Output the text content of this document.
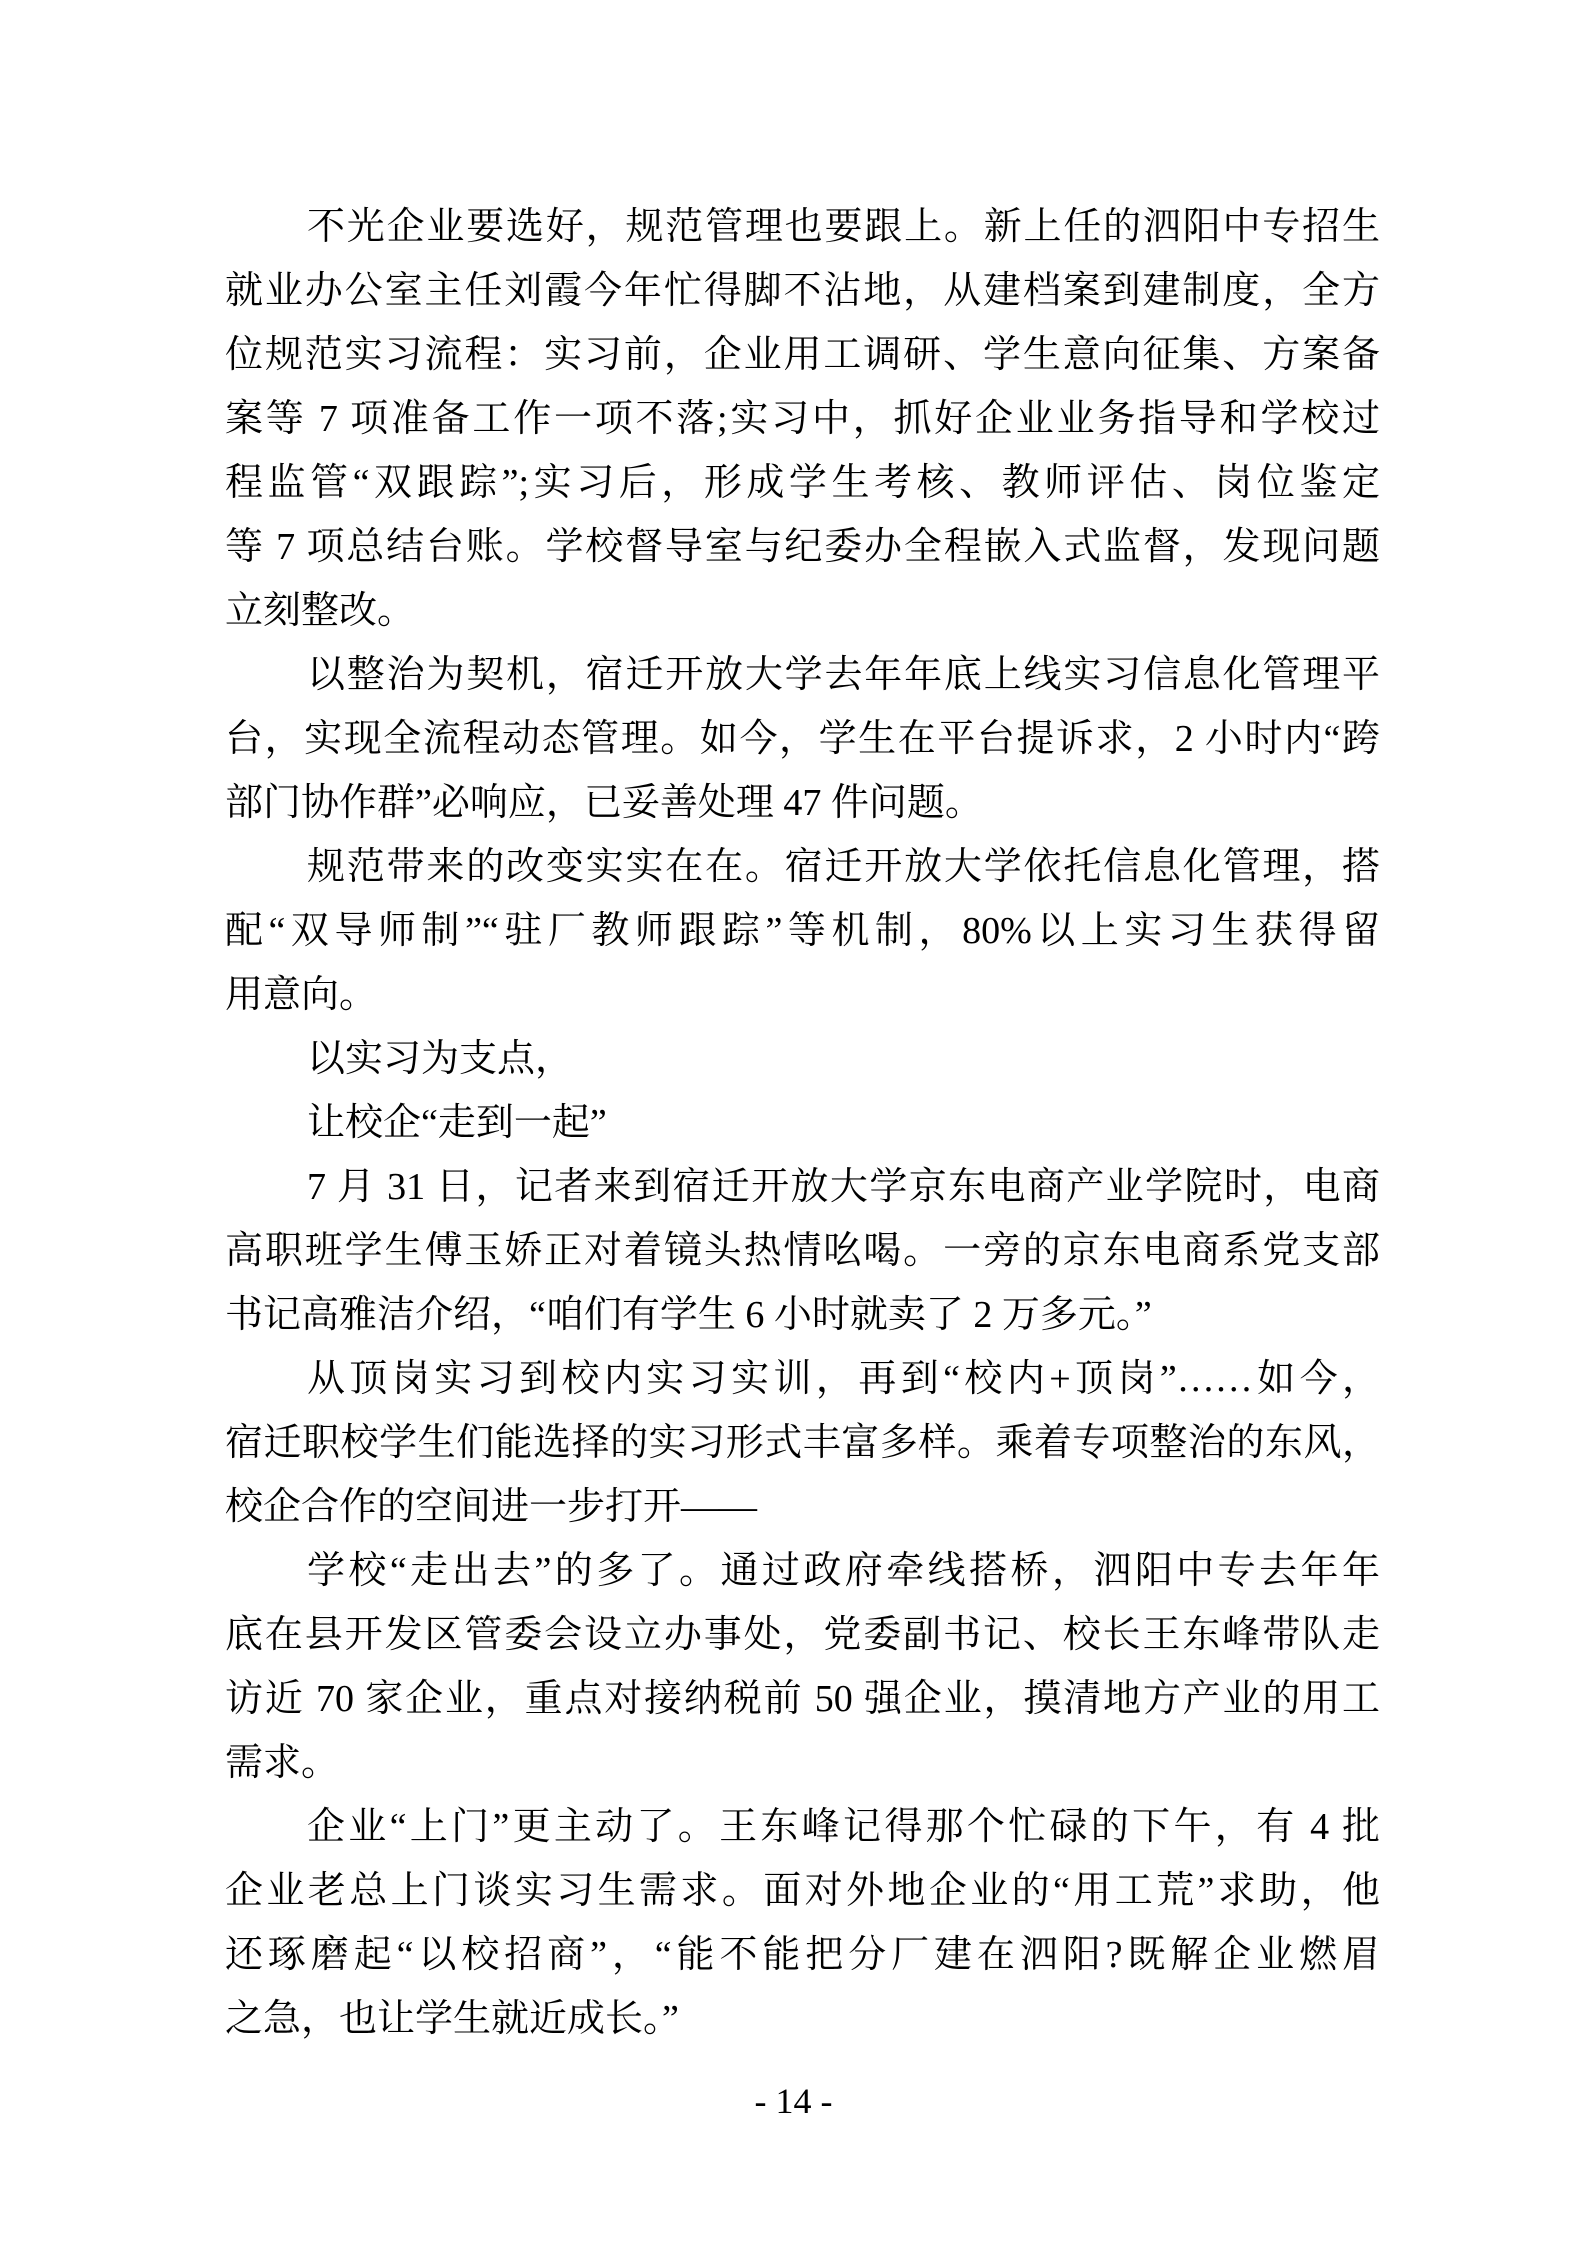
不光企业要选好，规范管理也要跟上。新上任的泗阳中专招生
就业办公室主任刘霞今年忙得脚不沾地，从建档案到建制度，全方
位规范实习流程：实习前，企业用工调研、学生意向征集、方案备
案等 7 项准备工作一项不落;实习中，抓好企业业务指导和学校过
程监管“双跟踪”;实习后，形成学生考核、教师评估、岗位鉴定
等 7 项总结台账。学校督导室与纪委办全程嵌入式监督，发现问题
立刻整改。
以整治为契机，宿迁开放大学去年年底上线实习信息化管理平
台，实现全流程动态管理。如今，学生在平台提诉求，2 小时内“跨
部门协作群”必响应，已妥善处理 47 件问题。
规范带来的改变实实在在。宿迁开放大学依托信息化管理，搭
配“双导师制”“驻厂教师跟踪”等机制，80%以上实习生获得留
用意向。
以实习为支点，
让校企“走到一起”
7 月 31 日，记者来到宿迁开放大学京东电商产业学院时，电商
高职班学生傅玉娇正对着镜头热情吆喝。一旁的京东电商系党支部
书记高雅洁介绍，“咱们有学生 6 小时就卖了 2 万多元。”
从顶岗实习到校内实习实训，再到“校内+顶岗”……如今，
宿迁职校学生们能选择的实习形式丰富多样。乘着专项整治的东风，
校企合作的空间进一步打开——
学校“走出去”的多了。通过政府牵线搭桥，泗阳中专去年年
底在县开发区管委会设立办事处，党委副书记、校长王东峰带队走
访近 70 家企业，重点对接纳税前 50 强企业，摸清地方产业的用工
需求。
企业“上门”更主动了。王东峰记得那个忙碌的下午，有 4 批
企业老总上门谈实习生需求。面对外地企业的“用工荒”求助，他
还琢磨起“以校招商”，“能不能把分厂建在泗阳?既解企业燃眉
之急，也让学生就近成长。”
- 14 -
